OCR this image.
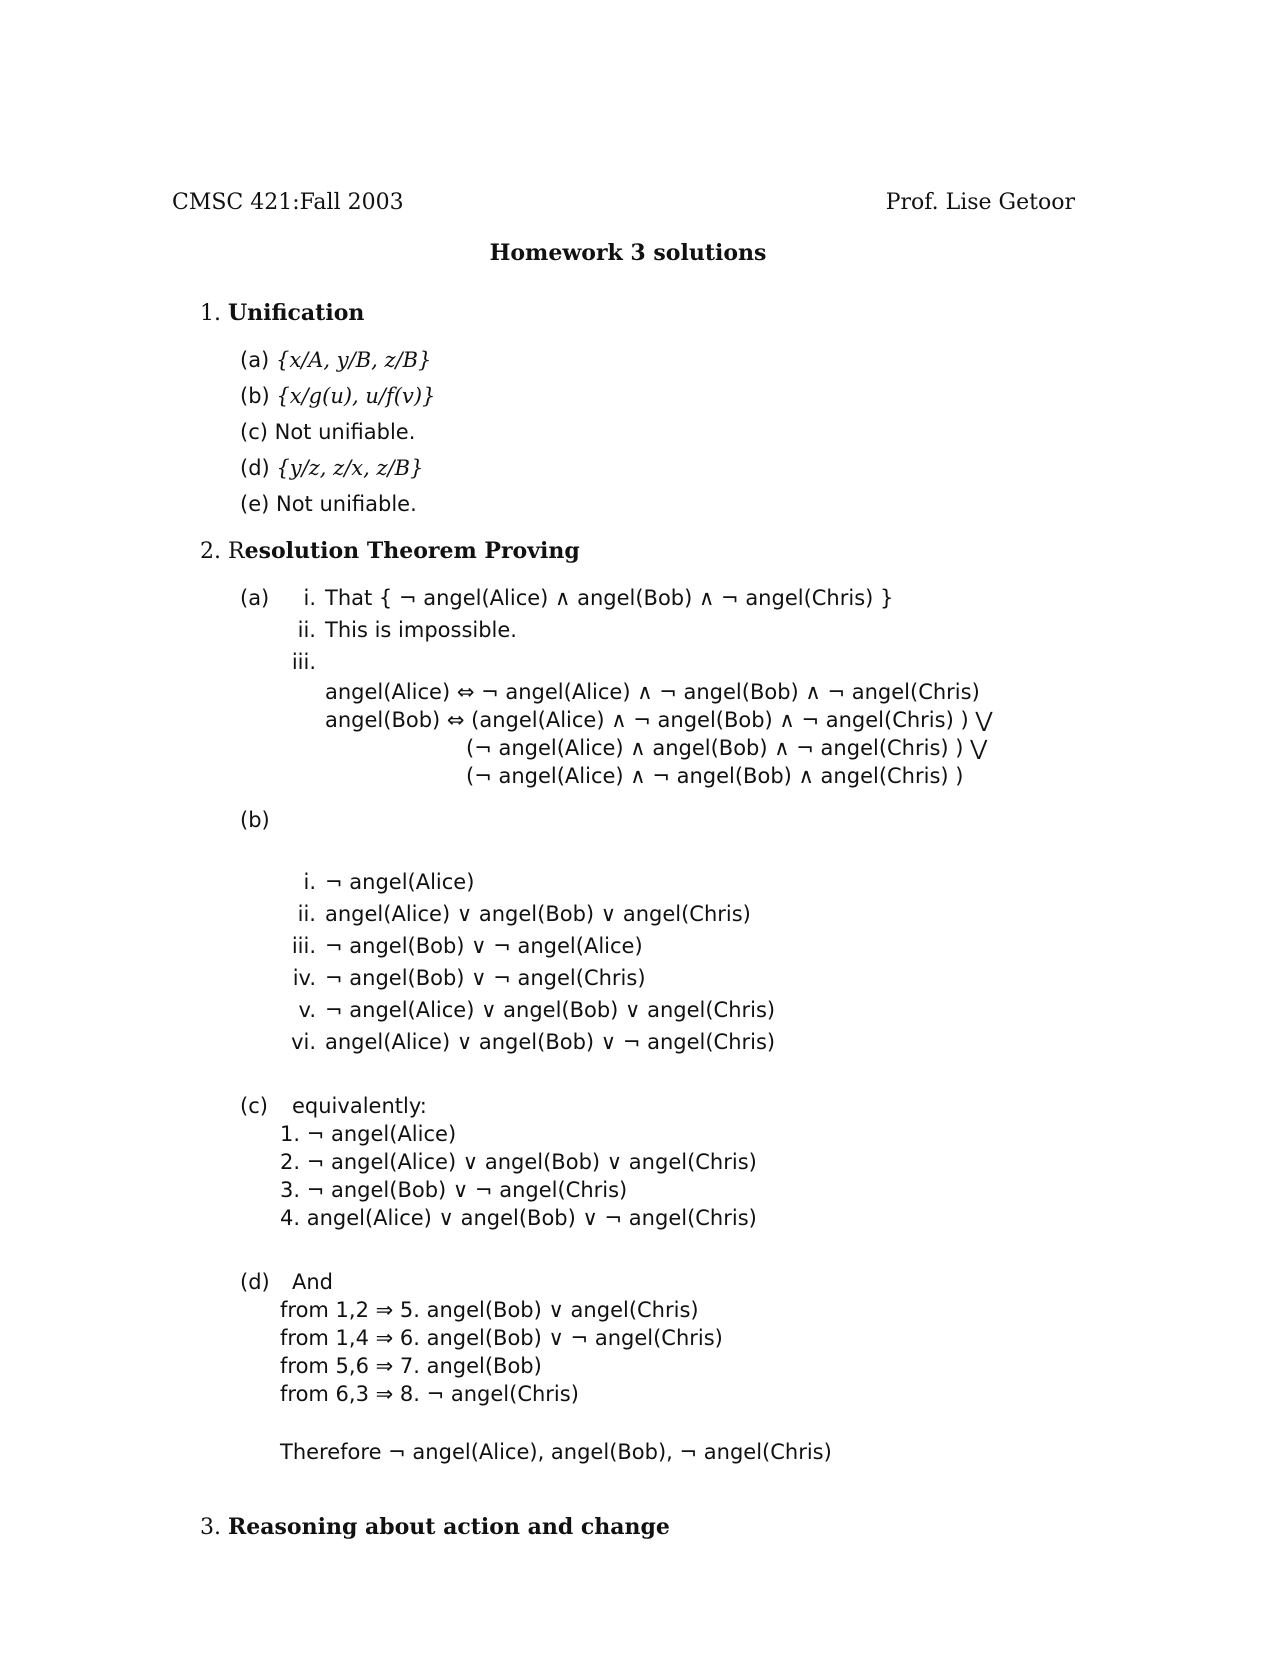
CMSC 421:Fall 2003	Prof. Lise Getoor
Homework 3 solutions
1. Unification
(a) {x/A, y/B, z/B}
(b) {x/g(u), u/f(v)}
(c) Not unifiable.
(d) {y/z, z/x, z/B}
(e) Not unifiable.
2. Resolution Theorem Proving
(a)	i. That { ¬ angel(Alice) ∧ angel(Bob) ∧ ¬ angel(Chris) }
ii. This is impossible.
iii.
angel(Alice) ⇔ ¬ angel(Alice) ∧ ¬ angel(Bob) ∧ ¬ angel(Chris)
angel(Bob) ⇔ (angel(Alice) ∧ ¬ angel(Bob) ∧ ¬ angel(Chris) ) ⋁
(¬ angel(Alice) ∧ angel(Bob) ∧ ¬ angel(Chris) ) ⋁
(¬ angel(Alice) ∧ ¬ angel(Bob) ∧ angel(Chris) )
(b)
i. ¬ angel(Alice)
ii. angel(Alice) ∨ angel(Bob) ∨ angel(Chris)
iii. ¬ angel(Bob) ∨ ¬ angel(Alice)
iv. ¬ angel(Bob) ∨ ¬ angel(Chris)
v. ¬ angel(Alice) ∨ angel(Bob) ∨ angel(Chris)
vi. angel(Alice) ∨ angel(Bob) ∨ ¬ angel(Chris)
(c) equivalently:
1. ¬ angel(Alice)
2. ¬ angel(Alice) ∨ angel(Bob) ∨ angel(Chris)
3. ¬ angel(Bob) ∨ ¬ angel(Chris)
4. angel(Alice) ∨ angel(Bob) ∨ ¬ angel(Chris)
(d) And
from 1,2 ⇒ 5. angel(Bob) ∨ angel(Chris)
from 1,4 ⇒ 6. angel(Bob) ∨ ¬ angel(Chris)
from 5,6 ⇒ 7. angel(Bob)
from 6,3 ⇒ 8. ¬ angel(Chris)
Therefore ¬ angel(Alice), angel(Bob), ¬ angel(Chris)
3. Reasoning about action and change
